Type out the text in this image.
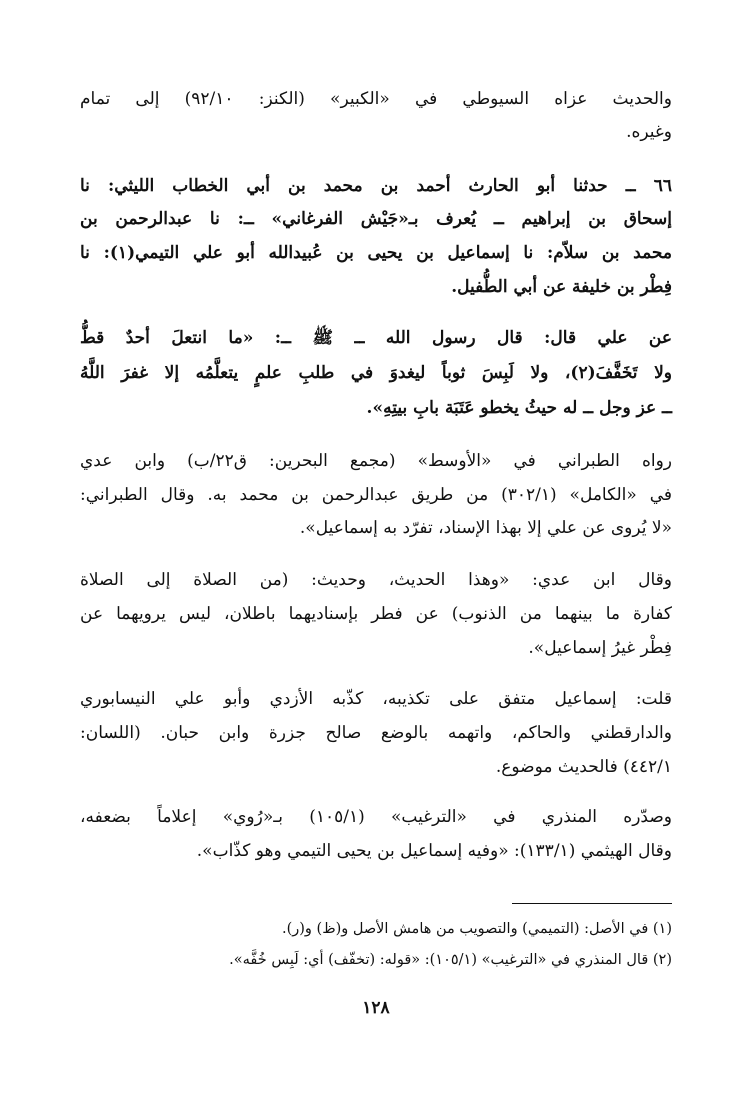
والحديث عزاه السيوطي في «الكبير» (الكنز: ٩٢/١٠) إلى تمام
وغيره.
٦٦ ــ حدثنا أبو الحارث أحمد بن محمد بن أبي الخطاب الليثي: نا
إسحاق بن إبراهيم ــ يُعرف بـ«جَيْش الفرغاني» ــ: نا عبدالرحمن بن
محمد بن سلاّم: نا إسماعيل بن يحيى بن عُبيدالله أبو علي التيمي(١): نا
فِطْر بن خليفة عن أبي الطُّفيل.
عن علي قال: قال رسول الله ــ ﷺ ــ: «ما انتعلَ أحدٌ قطُّ
ولا تَخَفَّفَ(٢)، ولا لَبِسَ ثوباً ليغدوَ في طلبِ علمٍ يتعلَّمُه إلا غفرَ اللَّهُ
ــ عز وجل ــ له حيثُ يخطو عَتَبَة بابِ بيتِهِ».
رواه الطبراني في «الأوسط» (مجمع البحرين: ق٢٢/ب) وابن عدي
في «الكامل» (٣٠٢/١) من طريق عبدالرحمن بن محمد به. وقال الطبراني:
«لا يُروى عن علي إلا بهذا الإسناد، تفرّد به إسماعيل».
وقال ابن عدي: «وهذا الحديث، وحديث: (من الصلاة إلى الصلاة
كفارة ما بينهما من الذنوب) عن فطر بإسناديهما باطلان، ليس يرويهما عن
فِطْر غيرُ إسماعيل».
قلت: إسماعيل متفق على تكذيبه، كذّبه الأزدي وأبو علي النيسابوري
والدارقطني والحاكم، واتهمه بالوضع صالح جزرة وابن حبان. (اللسان:
٤٤٢/١) فالحديث موضوع.
وصدّره المنذري في «الترغيب» (١٠٥/١) بـ«رُوي» إعلاماً بضعفه،
وقال الهيثمي (١٣٣/١): «وفيه إسماعيل بن يحيى التيمي وهو كذّاب».
(١) في الأصل: (التميمي) والتصويب من هامش الأصل و(ظ) و(ر).
(٢) قال المنذري في «الترغيب» (١٠٥/١): «قوله: (تخفّف) أي: لَبِس خُفَّه».
١٢٨
